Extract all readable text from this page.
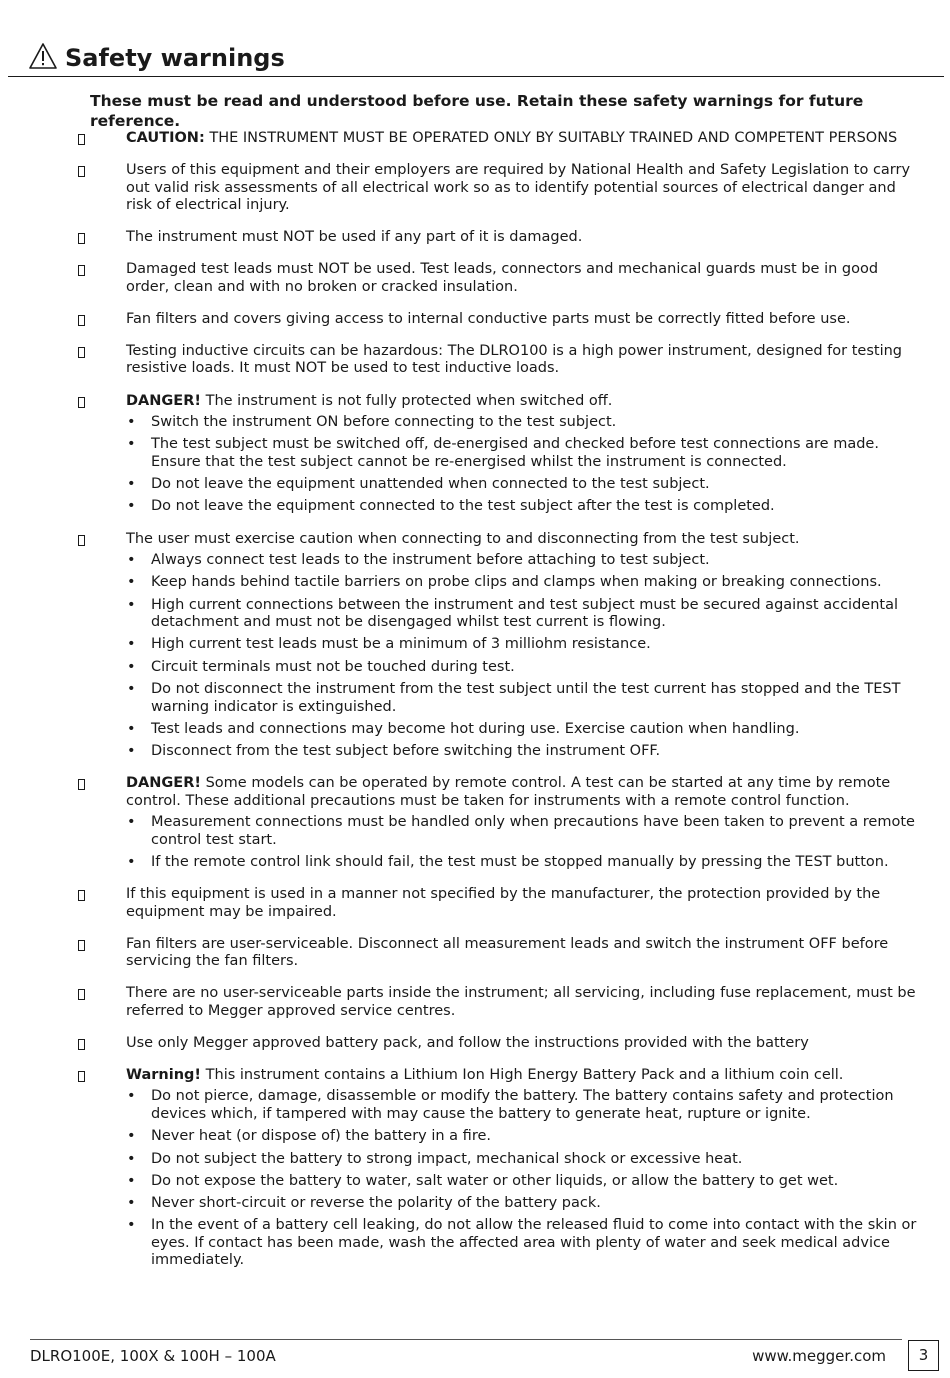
Safety warnings
These must be read and understood before use. Retain these safety warnings for future reference.
CAUTION: THE INSTRUMENT MUST BE OPERATED ONLY BY SUITABLY TRAINED AND COMPETENT PERSONS
Users of this equipment and their employers are required by National Health and Safety Legislation to carry out valid risk assessments of all electrical work so as to identify potential sources of electrical danger and risk of electrical injury.
The instrument must NOT be used if any part of it is damaged.
Damaged test leads must NOT be used. Test leads, connectors and mechanical guards must be in good order, clean and with no broken or cracked insulation.
Fan filters and covers giving access to internal conductive parts must be correctly fitted before use.
Testing inductive circuits can be hazardous: The DLRO100 is a high power instrument, designed for testing resistive loads. It must NOT be used to test inductive loads.
DANGER! The instrument is not fully protected when switched off.
• Switch the instrument ON before connecting to the test subject.
• The test subject must be switched off, de-energised and checked before test connections are made. Ensure that the test subject cannot be re-energised whilst the instrument is connected.
• Do not leave the equipment unattended when connected to the test subject.
• Do not leave the equipment connected to the test subject after the test is completed.
The user must exercise caution when connecting to and disconnecting from the test subject.
• Always connect test leads to the instrument before attaching to test subject.
• Keep hands behind tactile barriers on probe clips and clamps when making or breaking connections.
• High current connections between the instrument and test subject must be secured against accidental detachment and must not be disengaged whilst test current is flowing.
• High current test leads must be a minimum of 3 milliohm resistance.
• Circuit terminals must not be touched during test.
• Do not disconnect the instrument from the test subject until the test current has stopped and the TEST warning indicator is extinguished.
• Test leads and connections may become hot during use. Exercise caution when handling.
• Disconnect from the test subject before switching the instrument OFF.
DANGER! Some models can be operated by remote control. A test can be started at any time by remote control. These additional precautions must be taken for instruments with a remote control function.
• Measurement connections must be handled only when precautions have been taken to prevent a remote control test start.
• If the remote control link should fail, the test must be stopped manually by pressing the TEST button.
If this equipment is used in a manner not specified by the manufacturer, the protection provided by the equipment may be impaired.
Fan filters are user-serviceable. Disconnect all measurement leads and switch the instrument OFF before servicing the fan filters.
There are no user-serviceable parts inside the instrument; all servicing, including fuse replacement, must be referred to Megger approved service centres.
Use only Megger approved battery pack, and follow the instructions provided with the battery
Warning! This instrument contains a Lithium Ion High Energy Battery Pack and a lithium coin cell.
• Do not pierce, damage, disassemble or modify the battery. The battery contains safety and protection devices which, if tampered with may cause the battery to generate heat, rupture or ignite.
• Never heat (or dispose of) the battery in a fire.
• Do not subject the battery to strong impact, mechanical shock or excessive heat.
• Do not expose the battery to water, salt water or other liquids, or allow the battery to get wet.
• Never short-circuit or reverse the polarity of the battery pack.
• In the event of a battery cell leaking, do not allow the released fluid to come into contact with the skin or eyes. If contact has been made, wash the affected area with plenty of water and seek medical advice immediately.
DLRO100E, 100X & 100H – 100A	www.megger.com	3
